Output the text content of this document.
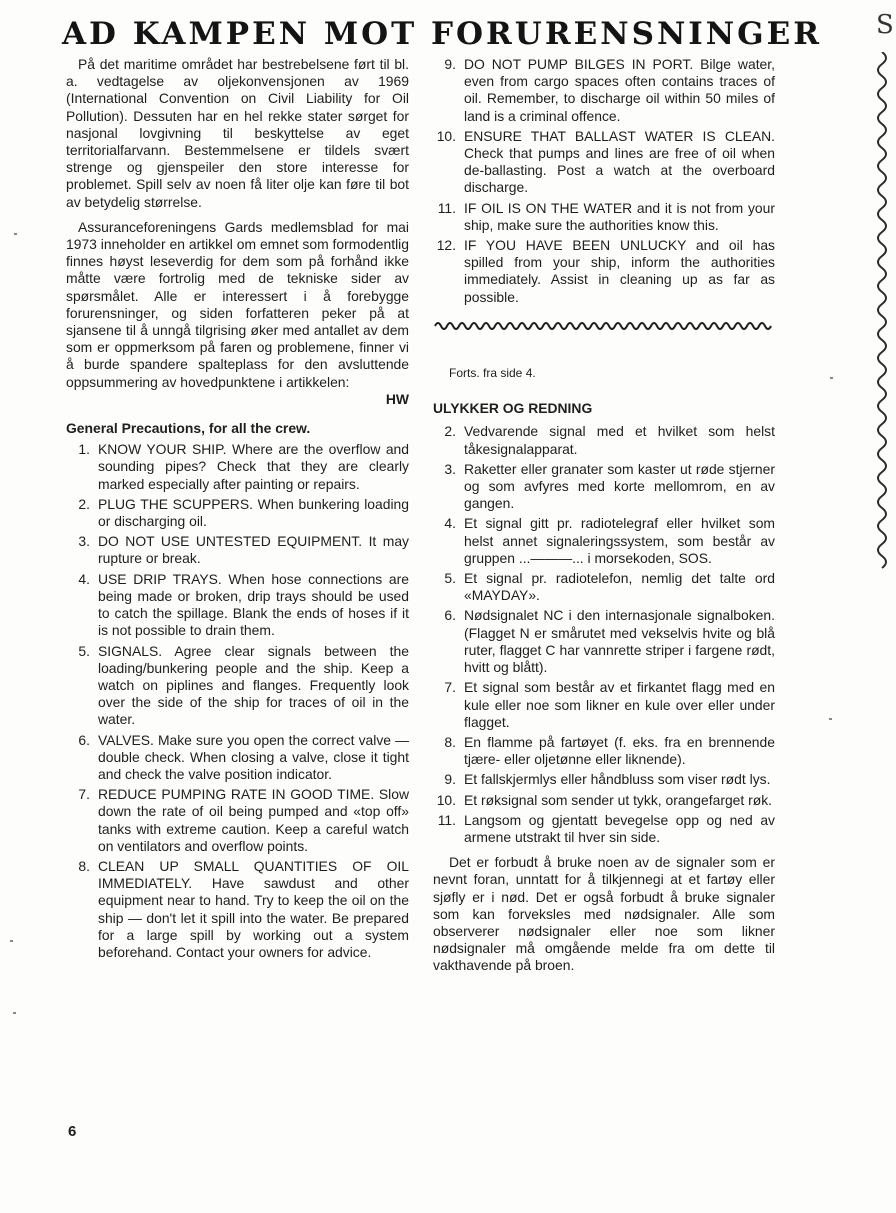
AD KAMPEN MOT FORURENSNINGER

På det maritime området har bestrebelsene ført til bl. a. vedtagelse av oljekonvensjonen av 1969 (International Convention on Civil Liability for Oil Pollution). Dessuten har en hel rekke stater sørget for nasjonal lovgivning til beskyttelse av eget territorialfarvann. Bestemmelsene er tildels svært strenge og gjenspeiler den store interesse for problemet. Spill selv av noen få liter olje kan føre til bot av betydelig størrelse.

Assuranceforeningens Gards medlemsblad for mai 1973 inneholder en artikkel om emnet som formodentlig finnes høyst leseverdig for dem som på forhånd ikke måtte være fortrolig med de tekniske sider av spørsmålet. Alle er interessert i å forebygge forurensninger, og siden forfatteren peker på at sjansene til å unngå tilgrising øker med antallet av dem som er oppmerksom på faren og problemene, finner vi å burde spandere spalteplass for den avsluttende oppsummering av hovedpunktene i artikkelen:

HW
General Precautions, for all the crew.
1. KNOW YOUR SHIP. Where are the overflow and sounding pipes? Check that they are clearly marked especially after painting or repairs.
2. PLUG THE SCUPPERS. When bunkering loading or discharging oil.
3. DO NOT USE UNTESTED EQUIPMENT. It may rupture or break.
4. USE DRIP TRAYS. When hose connections are being made or broken, drip trays should be used to catch the spillage. Blank the ends of hoses if it is not possible to drain them.
5. SIGNALS. Agree clear signals between the loading/bunkering people and the ship. Keep a watch on piplines and flanges. Frequently look over the side of the ship for traces of oil in the water.
6. VALVES. Make sure you open the correct valve — double check. When closing a valve, close it tight and check the valve position indicator.
7. REDUCE PUMPING RATE IN GOOD TIME. Slow down the rate of oil being pumped and «top off» tanks with extreme caution. Keep a careful watch on ventilators and overflow points.
8. CLEAN UP SMALL QUANTITIES OF OIL IMMEDIATELY. Have sawdust and other equipment near to hand. Try to keep the oil on the ship — don't let it spill into the water. Be prepared for a large spill by working out a system beforehand. Contact your owners for advice.
9. DO NOT PUMP BILGES IN PORT. Bilge water, even from cargo spaces often contains traces of oil. Remember, to discharge oil within 50 miles of land is a criminal offence.
10. ENSURE THAT BALLAST WATER IS CLEAN. Check that pumps and lines are free of oil when de-ballasting. Post a watch at the overboard discharge.
11. IF OIL IS ON THE WATER and it is not from your ship, make sure the authorities know this.
12. IF YOU HAVE BEEN UNLUCKY and oil has spilled from your ship, inform the authorities immediately. Assist in cleaning up as far as possible.
Forts. fra side 4.
ULYKKER OG REDNING
2. Vedvarende signal med et hvilket som helst tåkesignalapparat.
3. Raketter eller granater som kaster ut røde stjerner og som avfyres med korte mellomrom, en av gangen.
4. Et signal gitt pr. radiotelegraf eller hvilket som helst annet signaleringssystem, som består av gruppen ...———... i morsekoden, SOS.
5. Et signal pr. radiotelefon, nemlig det talte ord «MAYDAY».
6. Nødsignalet NC i den internasjonale signalboken. (Flagget N er smårutet med vekselvis hvite og blå ruter, flagget C har vannrette striper i fargene rødt, hvitt og blått).
7. Et signal som består av et firkantet flagg med en kule eller noe som likner en kule over eller under flagget.
8. En flamme på fartøyet (f. eks. fra en brennende tjære- eller oljetønne eller liknende).
9. Et fallskjermlys eller håndbluss som viser rødt lys.
10. Et røksignal som sender ut tykk, orangefarget røk.
11. Langsom og gjentatt bevegelse opp og ned av armene utstrakt til hver sin side.

Det er forbudt å bruke noen av de signaler som er nevnt foran, unntatt for å tilkjennegi at et fartøy eller sjøfly er i nød. Det er også forbudt å bruke signaler som kan forveksles med nødsignaler. Alle som observerer nødsignaler eller noe som likner nødsignaler må omgående melde fra om dette til vakthavende på broen.

6
S
